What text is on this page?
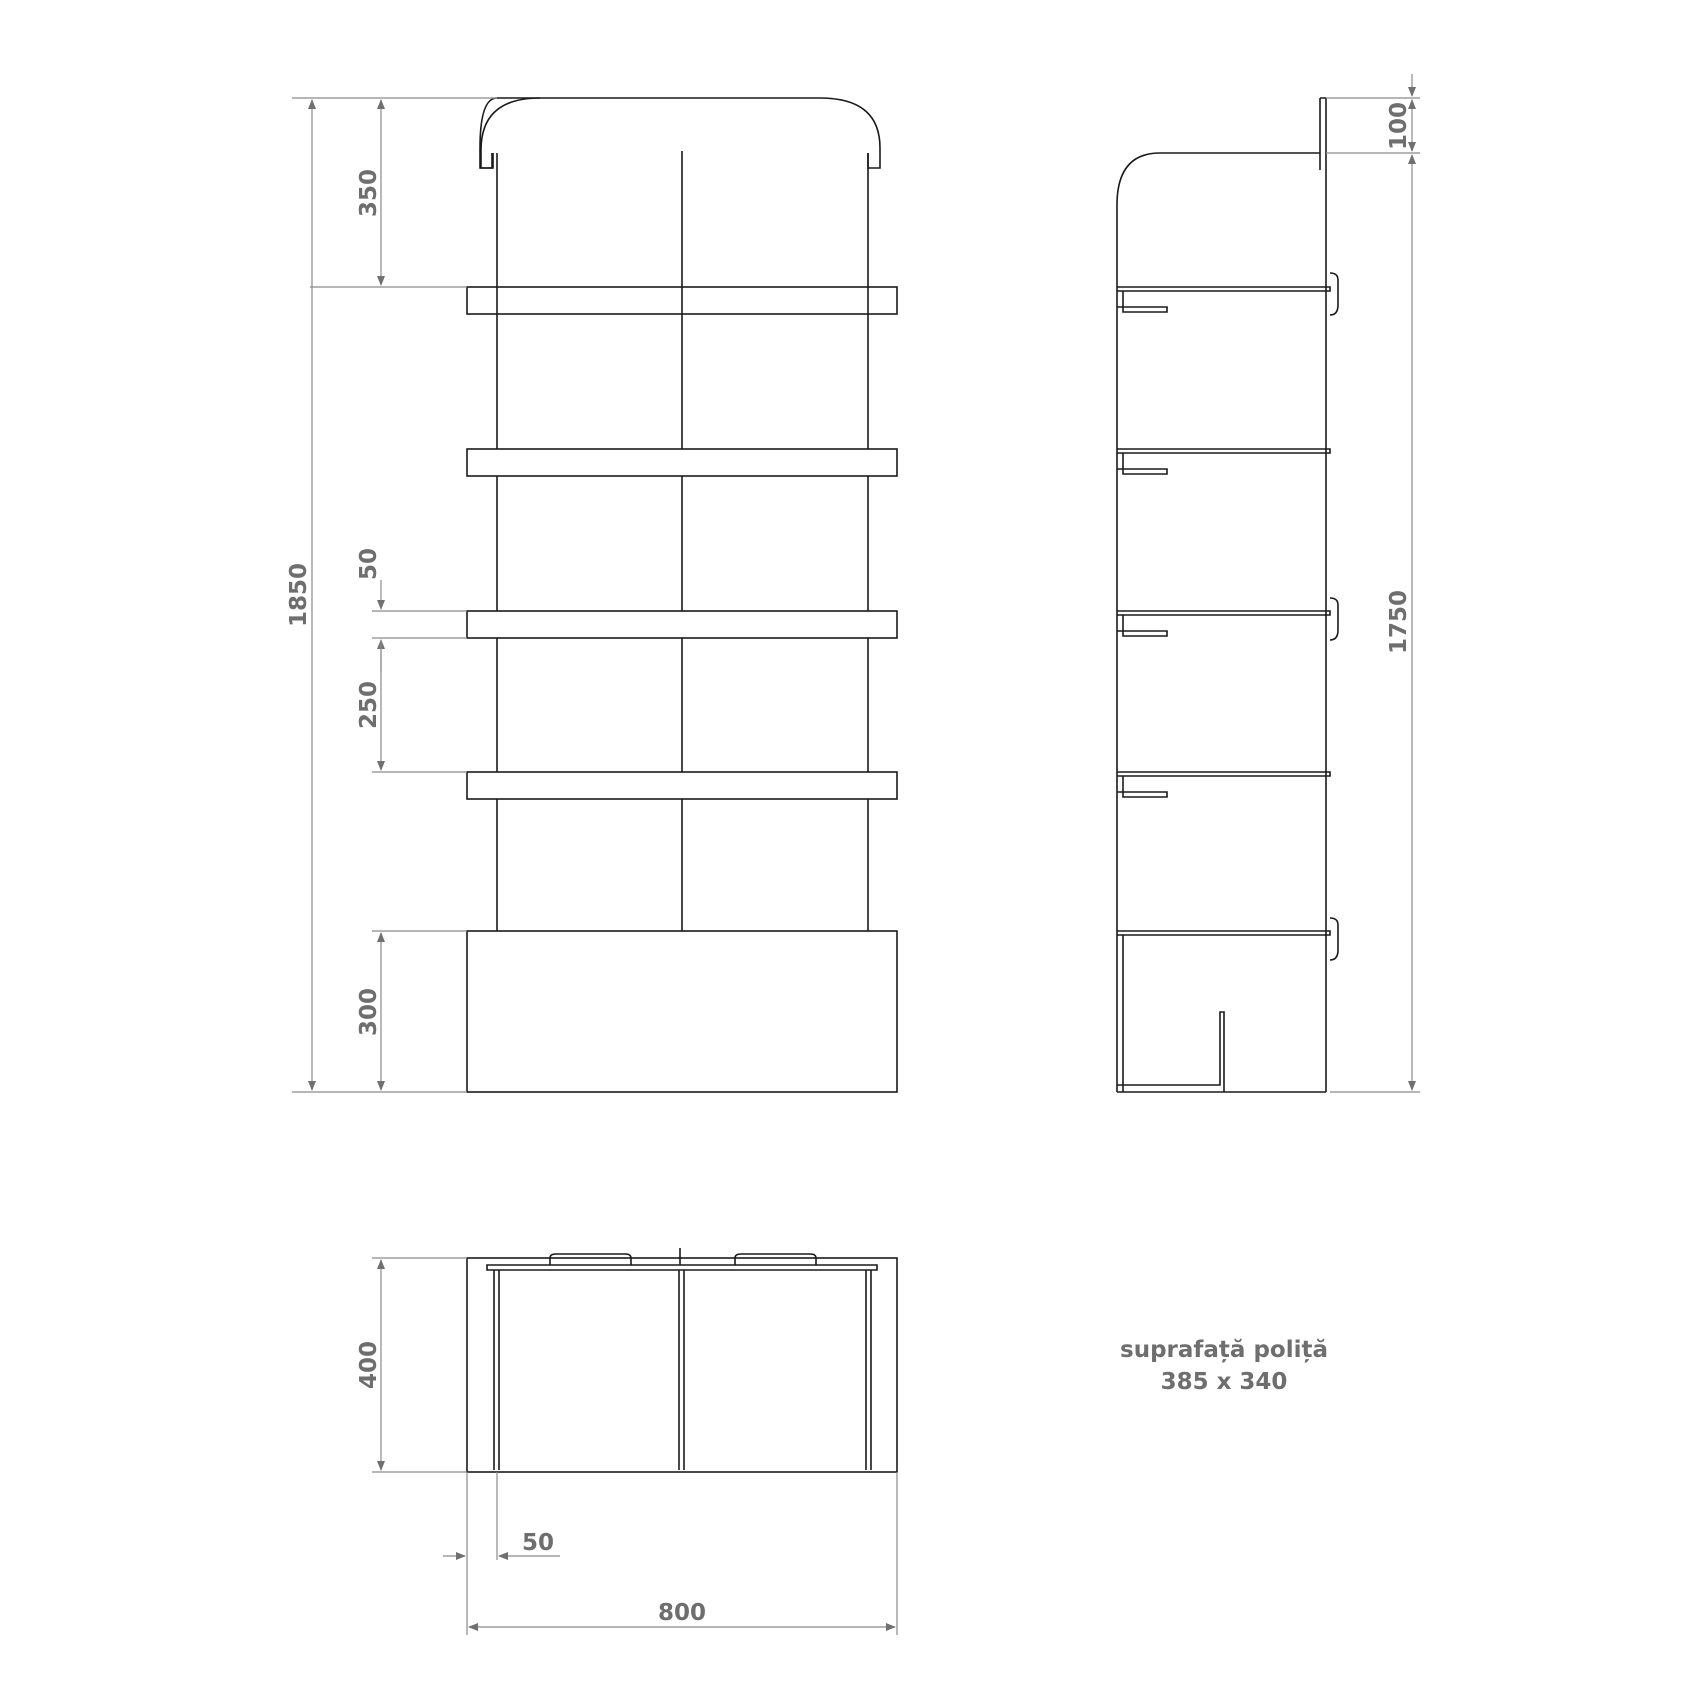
1850
350
50
250
300
100
1750
400
50
800
suprafață poliță
385 x 340
